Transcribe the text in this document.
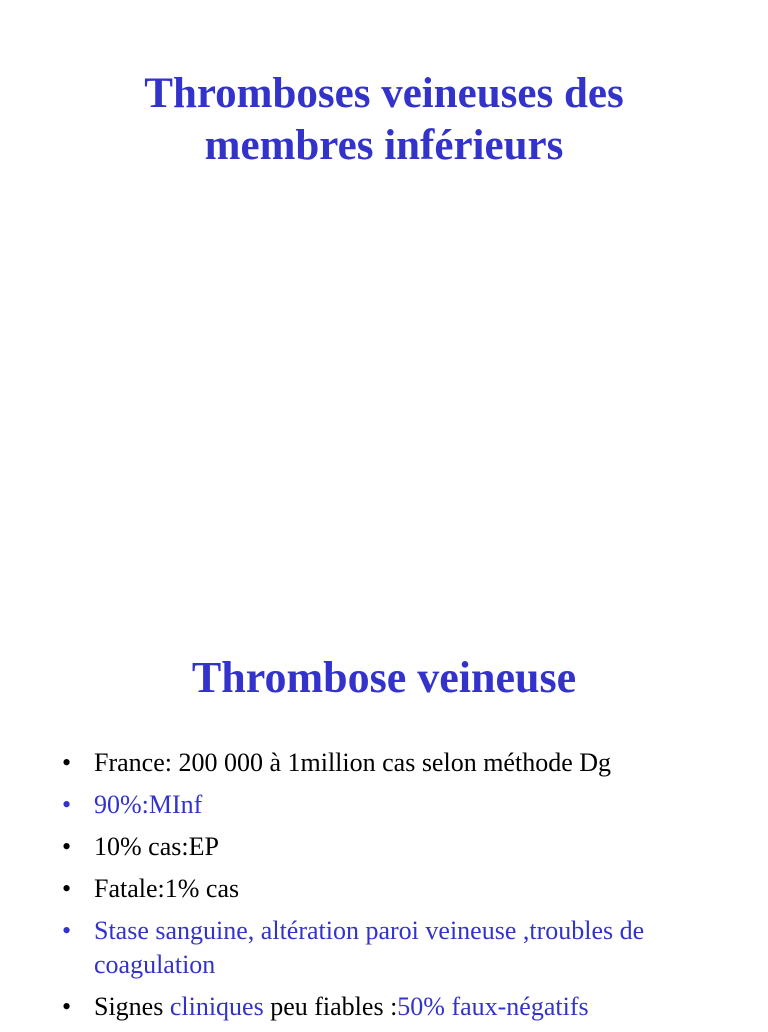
Thromboses veineuses des
membres inférieurs
Thrombose veineuse
• France: 200 000 à 1million cas selon méthode Dg
• 90%:MInf
• 10% cas:EP
• Fatale:1% cas
• Stase sanguine, altération paroi veineuse ,troubles de coagulation
• Signes cliniques peu fiables :50% faux-négatifs
